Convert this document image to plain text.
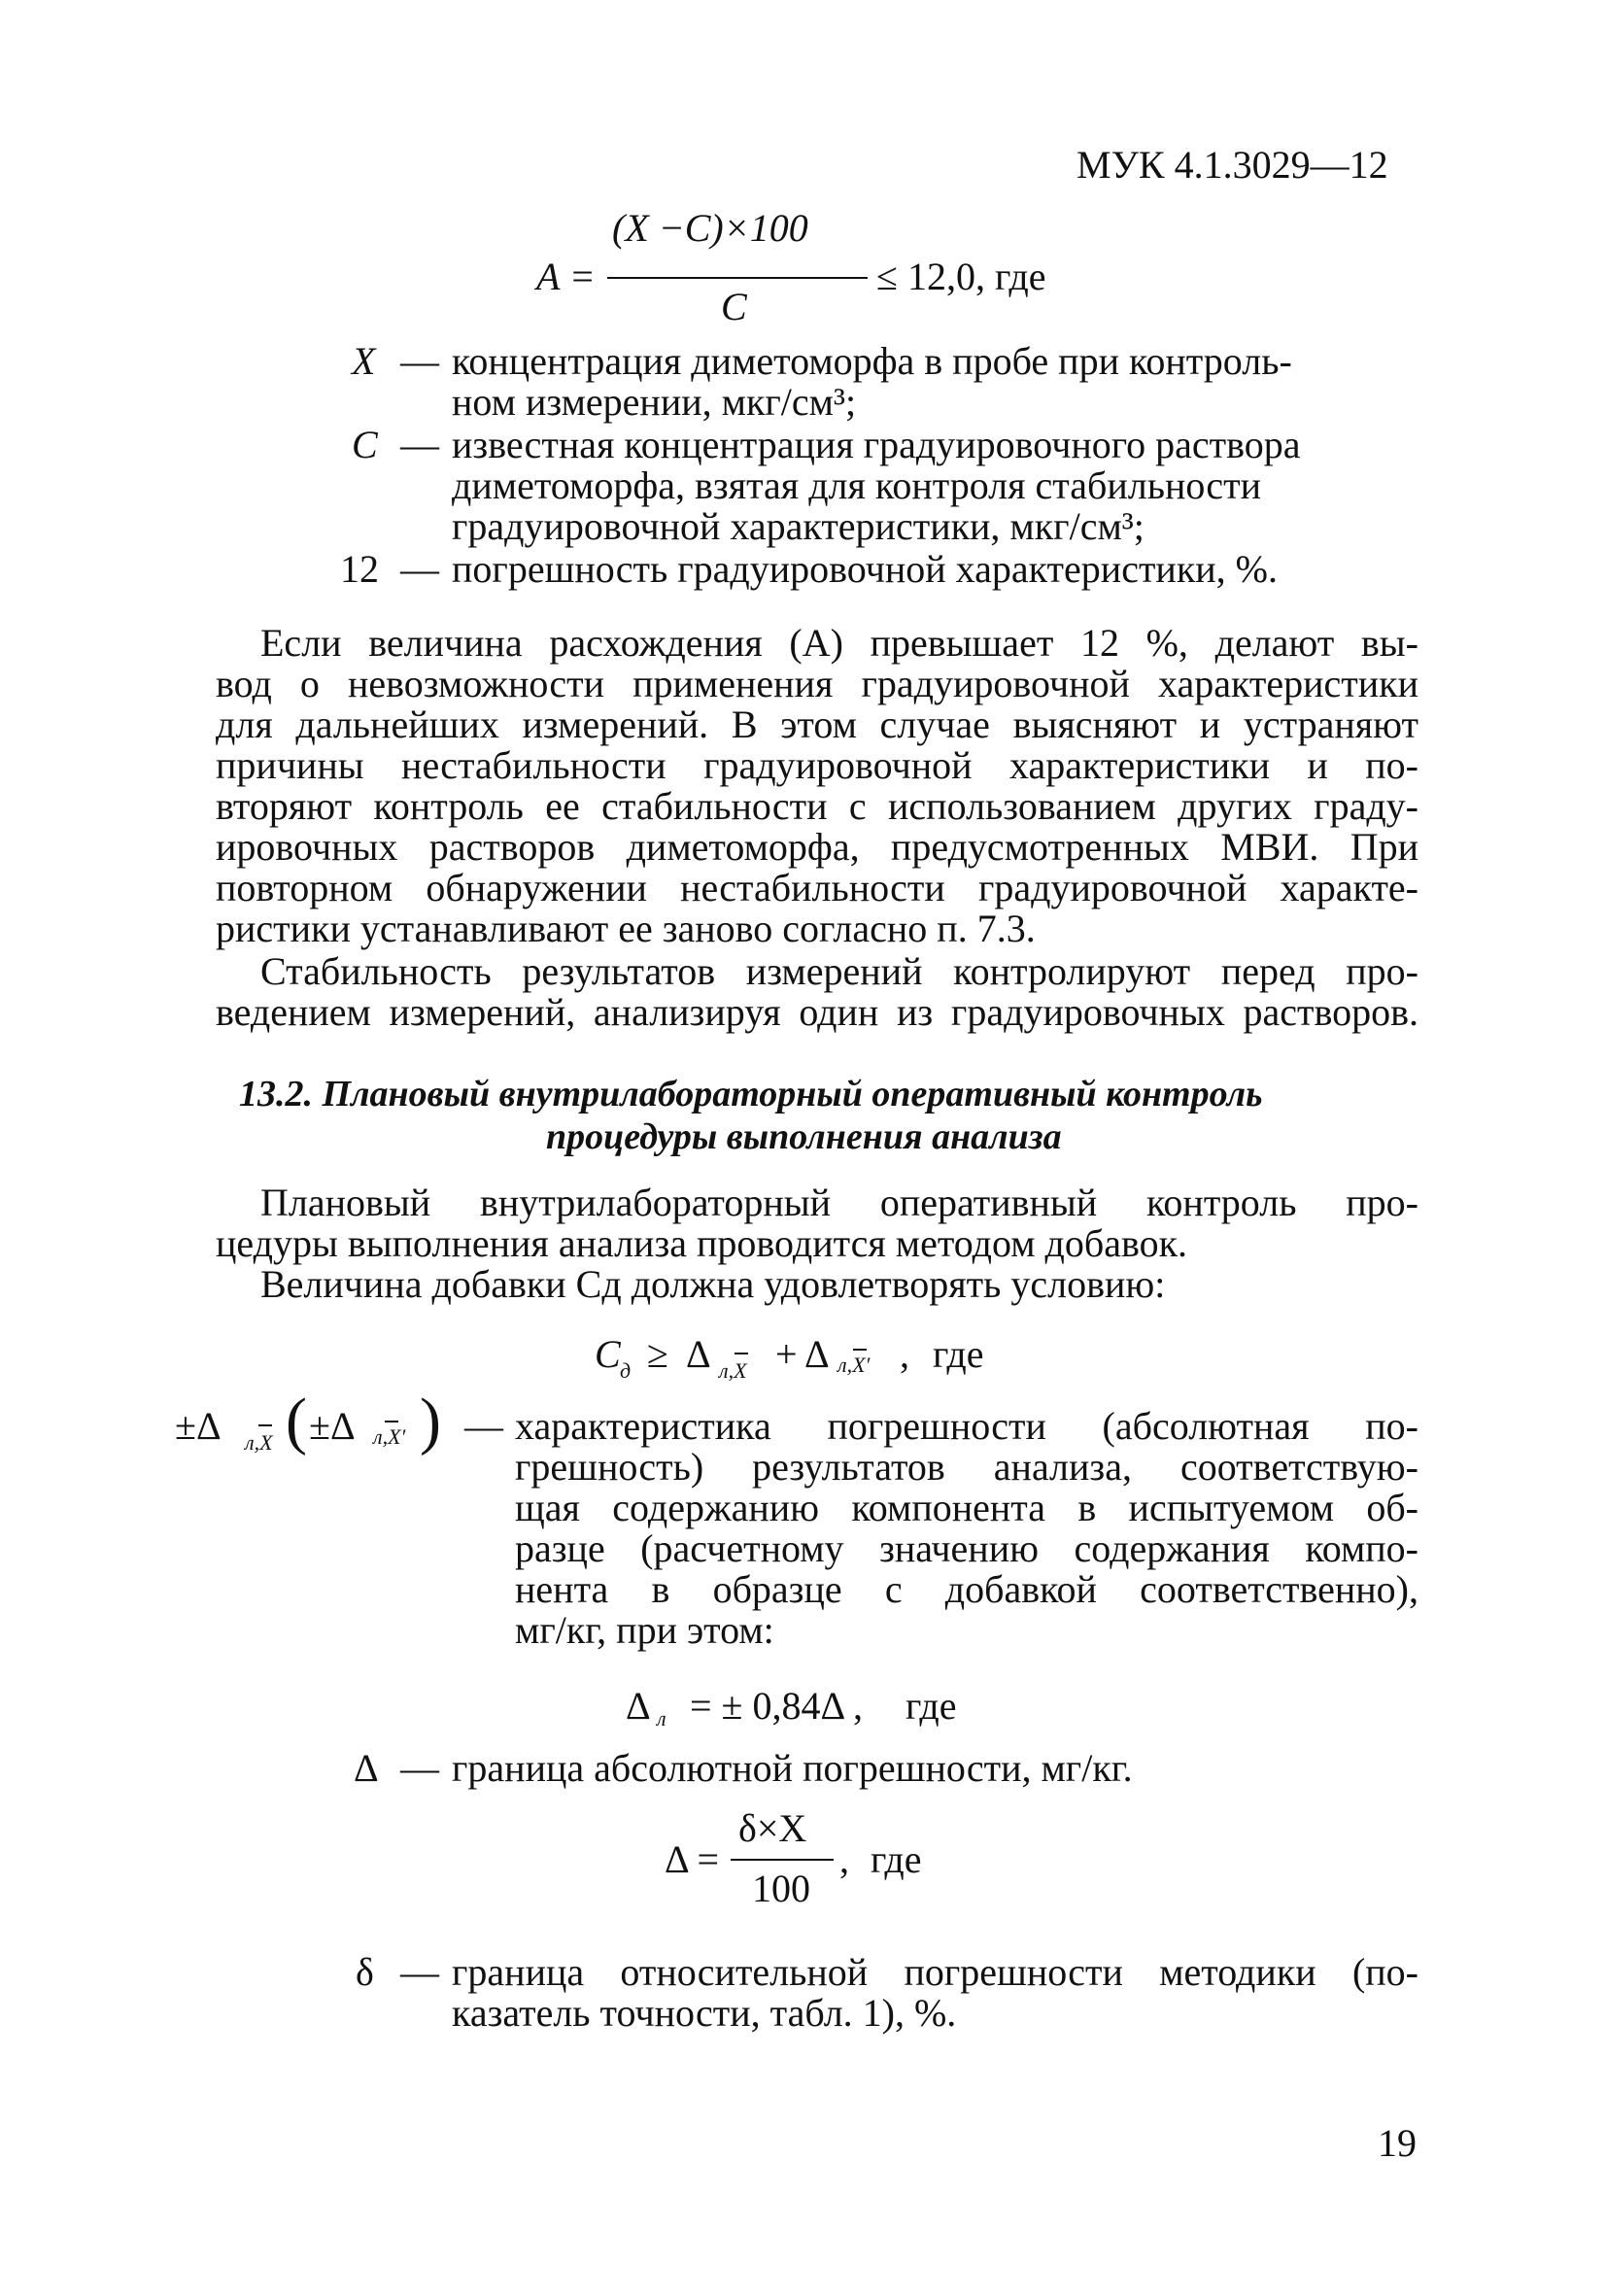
МУК 4.1.3029—12
A =
(X −C)×100
C
≤ 12,0, где
X — концентрация диметоморфа в пробе при контроль-
ном измерении, мкг/см³;
C — известная концентрация градуировочного раствора
диметоморфа, взятая для контроля стабильности
градуировочной характеристики, мкг/см³;
12 — погрешность градуировочной характеристики, %.
Если величина расхождения (А) превышает 12 %, делают вы-
вод о невозможности применения градуировочной характеристики
для дальнейших измерений. В этом случае выясняют и устраняют
причины нестабильности градуировочной характеристики и по-
вторяют контроль ее стабильности с использованием других граду-
ировочных растворов диметоморфа, предусмотренных МВИ. При
повторном обнаружении нестабильности градуировочной характе-
ристики устанавливают ее заново согласно п. 7.3.
Стабильность результатов измерений контролируют перед про-
ведением измерений, анализируя один из градуировочных растворов.
13.2. Плановый внутрилабораторный оперативный контроль
процедуры выполнения анализа
Плановый внутрилабораторный оперативный контроль про-
цедуры выполнения анализа проводится методом добавок.
Величина добавки Сд должна удовлетворять условию:
C д ≥ Δ л,X + Δ л,X′ , где
±Δ л,X ( ±Δ л,X′ ) — характеристика погрешности (абсолютная по-
грешность) результатов анализа, соответствую-
щая содержанию компонента в испытуемом об-
разце (расчетному значению содержания компо-
нента в образце с добавкой соответственно),
мг/кг, при этом:
Δ л = ± 0,84Δ , где
Δ — граница абсолютной погрешности, мг/кг.
Δ =
δ×X
100
, где
δ — граница относительной погрешности методики (по-
казатель точности, табл. 1), %.
19
